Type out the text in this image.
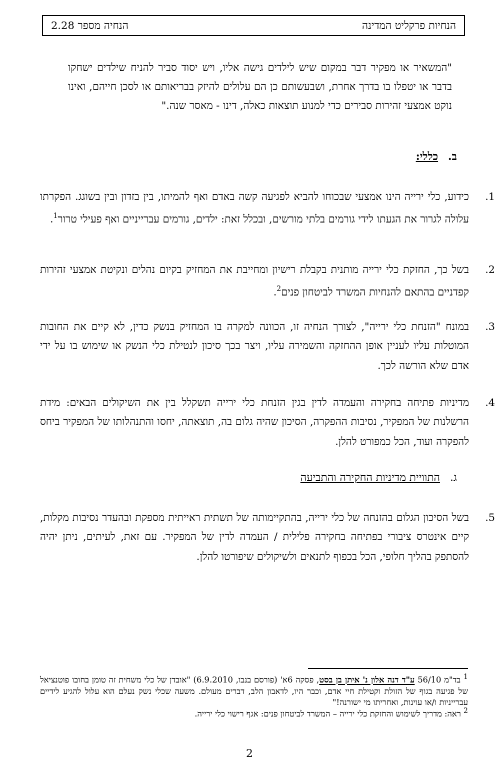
הנחיות פרקליט המדינה
הנחיה מספר 2.28
"המשאיר או מפקיר דבר במקום שיש לילדים גישה אליו, ויש יסוד סביר להניח שילדים ישחקו בדבר או יטפלו בו בדרך אחרת, ושבעשותם כן הם עלולים להיזק בבריאותם או לסכן חייהם, ואינו נוקט אמצעי זהירות סבירים כדי למנוע תוצאות כאלה, דינו - מאסר שנה."
ב.
כללי:
1.
כידוע, כלי ירייה הינו אמצעי שבכוחו להביא לפגיעה קשה באדם ואף להמיתו, בין בזדון ובין בשוגג. הפקרתו עלולה לגרור את הגעתו לידי גורמים בלתי מורשים, ובכלל זאת: ילדים, גורמים עברייניים ואף פעילי טרור$^1$.
2.
בשל כך, החזקת כלי ירייה מותנית בקבלת רישיון ומחייבת את המחזיק בקיום נהלים ונקיטת אמצעי זהירות קפדניים בהתאם להנחיות המשרד לביטחון פנים$^2$.
3.
במונח "הזנחת כלי ירייה", לצורך הנחיה זו, הכוונה למקרה בו המחזיק בנשק כדין, לא קיים את החובות המוטלות עליו לעניין אופן ההחזקה והשמירה עליו, ויצר בכך סיכון לנטילת כלי הנשק או שימוש בו על ידי אדם שלא הורשה לכך.
4.
מדיניות פתיחה בחקירה והעמדה לדין בגין הזנחת כלי ירייה תשקלל בין את השיקולים הבאים: מידת הרשלנות של המפקיר, נסיבות ההפקרה, הסיכון שהיה גלום בה, תוצאתה, יחסו והתנהלותו של המפקיר ביחס להפקרה ועוד, הכל כמפורט להלן.
ג.
התוויית מדיניות החקירה והתביעה
5.
בשל הסיכון הגלום בהזנחה של כלי ירייה, בהתקיימותה של תשתית ראייתית מספקת ובהעדר נסיבות מקלות, קיים אינטרס ציבורי בפתיחה בחקירה פלילית / העמדה לדין של המפקיר. עם זאת, לעיתים, ניתן יהיה להסתפק בהליך חלופי, הכל בכפוף לתנאים ולשיקולים שיפורטו להלן.
$^1$ בד"מ 56/10 ע"ד דנה אלון נ' איתן בן בסט, פסקה 6א' (פורסם בנבו, 6.9.2010) "אובדן של כלי משחית זה טומן בחובו פוטנציאל של פגיעה בגוף של הזולת וקטילת חיי אדם, וכבר היו, לדאבון הלב, דברים מעולם. משעה שכלי נשק נעלם הוא עלול להגיע לידיים עברייניות ו/או עוינות, ואחריתו מי ישורנה!"
$^2$ ראה: מדריך לשימוש והחזקת כלי ירייה – המשרד לביטחון פנים: אגף רישוי כלי ירייה.
2
